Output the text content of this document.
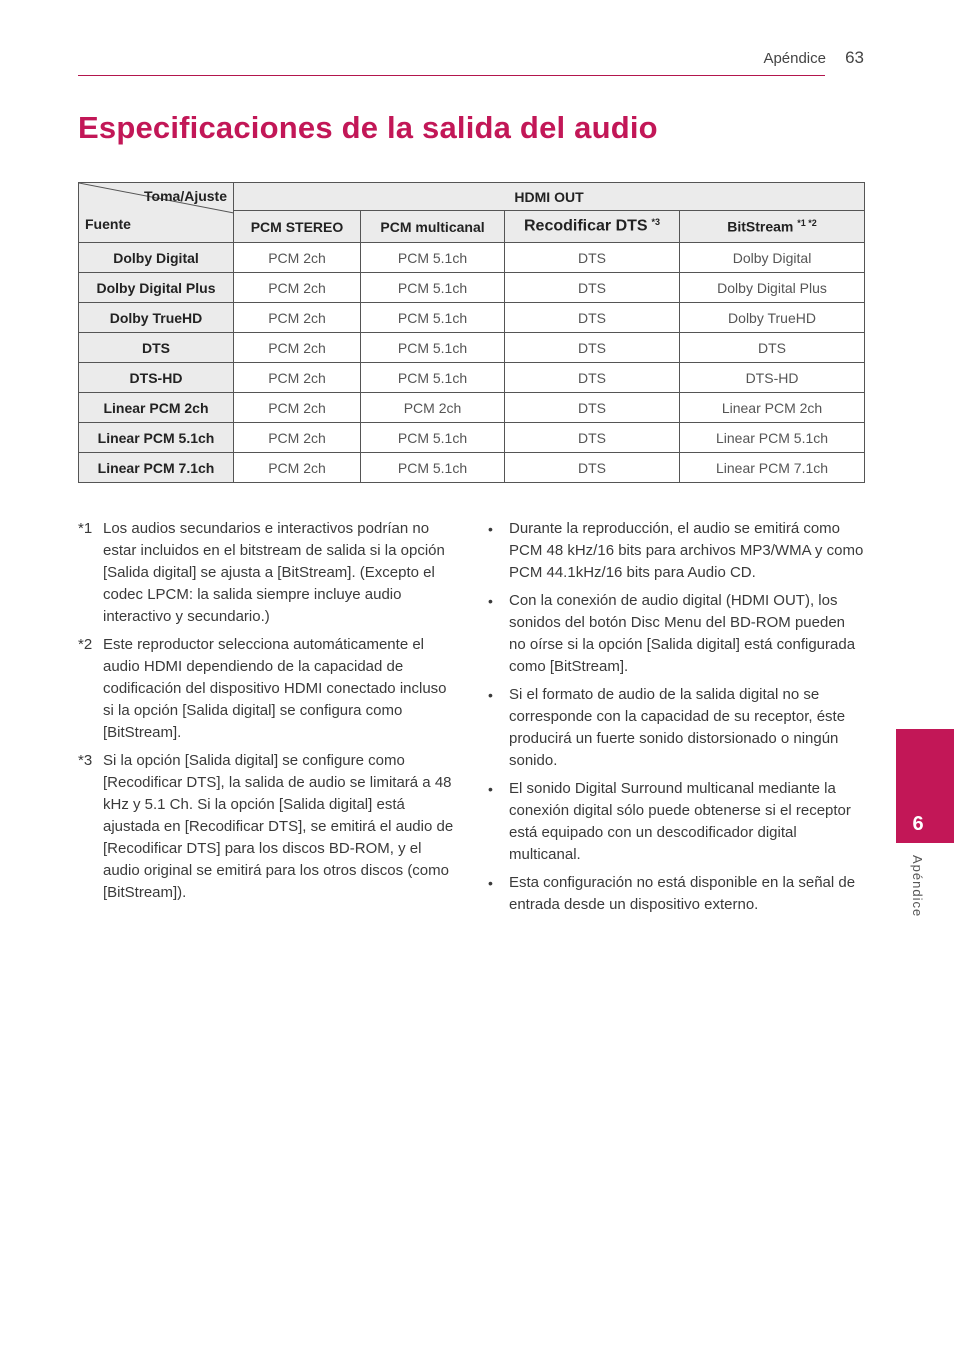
Apéndice 63
Especificaciones de la salida del audio
Toma/Ajuste
Fuente	HDMI OUT			
	PCM STEREO	PCM multicanal	Recodificar DTS $^{*3}$	BitStream $^{*1 *2}$
Dolby Digital	PCM 2ch	PCM 5.1ch	DTS	Dolby Digital
Dolby Digital Plus	PCM 2ch	PCM 5.1ch	DTS	Dolby Digital Plus
Dolby TrueHD	PCM 2ch	PCM 5.1ch	DTS	Dolby TrueHD
DTS	PCM 2ch	PCM 5.1ch	DTS	DTS
DTS-HD	PCM 2ch	PCM 5.1ch	DTS	DTS-HD
Linear PCM 2ch	PCM 2ch	PCM 2ch	DTS	Linear PCM 2ch
Linear PCM 5.1ch	PCM 2ch	PCM 5.1ch	DTS	Linear PCM 5.1ch
Linear PCM 7.1ch	PCM 2ch	PCM 5.1ch	DTS	Linear PCM 7.1ch
*1 Los audios secundarios e interactivos podrían no estar incluidos en el bitstream de salida si la opción [Salida digital] se ajusta a [BitStream]. (Excepto el codec LPCM: la salida siempre incluye audio interactivo y secundario.)
*2 Este reproductor selecciona automáticamente el audio HDMI dependiendo de la capacidad de codificación del dispositivo HDMI conectado incluso si la opción [Salida digital] se configura como [BitStream].
*3 Si la opción [Salida digital] se configure como [Recodificar DTS], la salida de audio se limitará a 48 kHz y 5.1 Ch. Si la opción [Salida digital] está ajustada en [Recodificar DTS], se emitirá el audio de [Recodificar DTS] para los discos BD-ROM, y el audio original se emitirá para los otros discos (como [BitStream]).
•	Durante la reproducción, el audio se emitirá como PCM 48 kHz/16 bits para archivos MP3/WMA y como PCM 44.1kHz/16 bits para Audio CD.
•	Con la conexión de audio digital (HDMI OUT), los sonidos del botón Disc Menu del BD-ROM pueden no oírse si la opción [Salida digital] está configurada como [BitStream].
•	Si el formato de audio de la salida digital no se corresponde con la capacidad de su receptor, éste producirá un fuerte sonido distorsionado o ningún sonido.
•	El sonido Digital Surround multicanal mediante la conexión digital sólo puede obtenerse si el receptor está equipado con un descodificador digital multicanal.
•	Esta configuración no está disponible en la señal de entrada desde un dispositivo externo.
6
Apéndice
